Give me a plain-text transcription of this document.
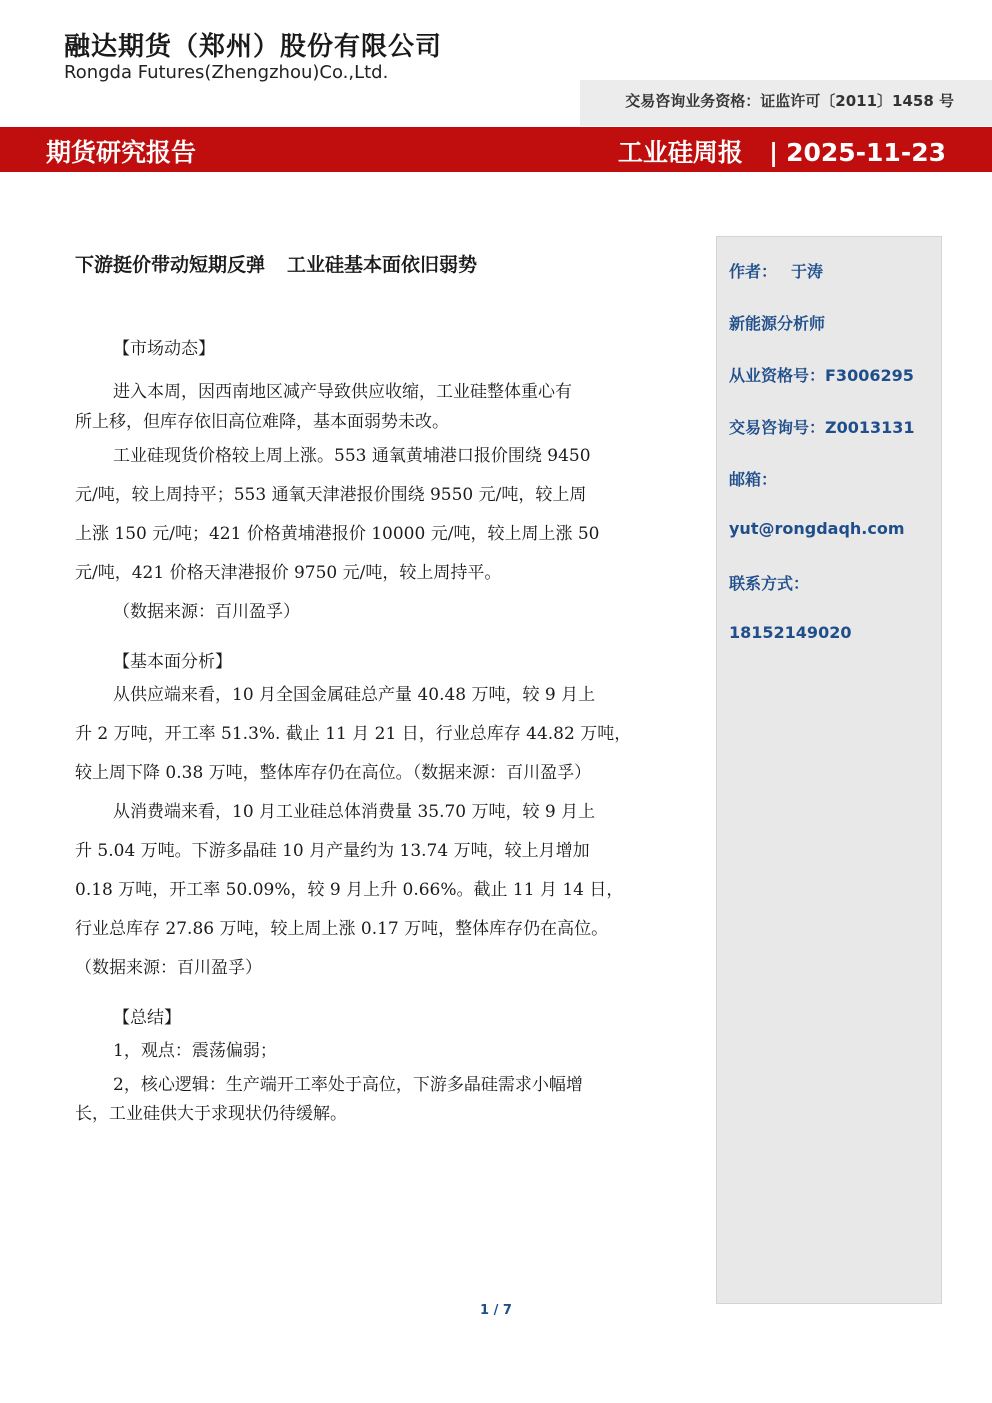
融达期货（郑州）股份有限公司
Rongda Futures(Zhengzhou)Co.,Ltd.
交易咨询业务资格：证监许可〔2011〕1458 号
期货研究报告	工业硅周报 | 2025-11-23
作者： 于涛
新能源分析师
从业资格号：F3006295
交易咨询号：Z0013131
邮箱：
yut@rongdaqh.com
联系方式：
18152149020
下游挺价带动短期反弹 工业硅基本面依旧弱势
【市场动态】
进入本周，因西南地区减产导致供应收缩，工业硅整体重心有
所上移，但库存依旧高位难降，基本面弱势未改。
工业硅现货价格较上周上涨。553 通氧黄埔港口报价围绕 9450
元/吨，较上周持平；553 通氧天津港报价围绕 9550 元/吨，较上周
上涨 150 元/吨；421 价格黄埔港报价 10000 元/吨，较上周上涨 50
元/吨，421 价格天津港报价 9750 元/吨，较上周持平。
（数据来源：百川盈孚）
【基本面分析】
从供应端来看，10 月全国金属硅总产量 40.48 万吨，较 9 月上
升 2 万吨，开工率 51.3%. 截止 11 月 21 日，行业总库存 44.82 万吨，
较上周下降 0.38 万吨，整体库存仍在高位。（数据来源：百川盈孚）
从消费端来看，10 月工业硅总体消费量 35.70 万吨，较 9 月上
升 5.04 万吨。下游多晶硅 10 月产量约为 13.74 万吨，较上月增加
0.18 万吨，开工率 50.09%，较 9 月上升 0.66%。截止 11 月 14 日，
行业总库存 27.86 万吨，较上周上涨 0.17 万吨，整体库存仍在高位。
（数据来源：百川盈孚）
【总结】
1，观点：震荡偏弱；
2，核心逻辑：生产端开工率处于高位，下游多晶硅需求小幅增
长，工业硅供大于求现状仍待缓解。
1 / 7
